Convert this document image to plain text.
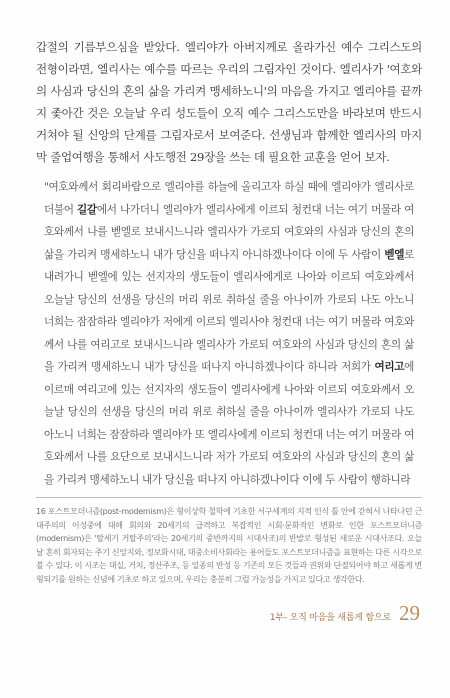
갑절의 기름부으심을 받았다. 엘리야가 아버지께로 올라가신 예수 그리스도의 전형이라면, 엘리사는 예수를 따르는 우리의 그림자인 것이다. 엘리사가 '여호와의 사심과 당신의 혼의 삶을 가리켜 맹세하노니'의 마음을 가지고 엘리야를 끝까지 좇아간 것은 오늘날 우리 성도들이 오직 예수 그리스도만을 바라보며 반드시 거쳐야 될 신앙의 단계를 그림자로서 보여준다. 선생님과 함께한 엘리사의 마지막 줄업여행을 통해서 사도행전 29장을 쓰는 데 필요한 교훈을 얻어 보자.

"여호와께서 회리바람으로 엘리야를 하늘에 올리고자 하실 때에 엘리야가 엘리사로 더불어 길갈에서 나가더니 엘리야가 엘리사에게 이르되 청컨대 너는 여기 머물라 여호와께서 나를 벧엘로 보내시느니라 엘리사가 가로되 여호와의 사심과 당신의 혼의 삶을 가리켜 맹세하노니 내가 당신을 떠나지 아니하겠나이다 이에 두 사람이 벧엘로 내려가니 벧엘에 있는 선지자의 생도들이 엘리사에게로 나아와 이르되 여호와께서 오늘날 당신의 선생을 당신의 머리 위로 취하실 줄을 아나이까 가로되 나도 아노니 너희는 잠잠하라 엘리야가 저에게 이르되 엘리사야 청컨대 너는 여기 머물라 여호와께서 나를 여리고로 보내시느니라 엘리사가 가로되 여호와의 사심과 당신의 혼의 삶을 가리켜 맹세하노니 내가 당신을 떠나지 아니하겠나이다 하니라 저희가 여리고에 이르매 여리고에 있는 선지자의 생도들이 엘리사에게 나아와 이르되 여호와께서 오늘날 당신의 선생을 당신의 머리 위로 취하실 줄을 아나이까 엘리사가 가로되 나도 아노니 너희는 잠잠하라 엘리야가 또 엘리사에게 이르되 청컨대 너는 여기 머물라 여호와께서 나를 요단으로 보내시느니라 저가 가로되 여호와의 사심과 당신의 혼의 삶을 가리켜 맹세하노니 내가 당신을 떠나지 아니하겠나이다 이에 두 사람이 행하니라

16 포스트모더니즘(post-modernism)은 형이상학 철학에 기초한 서구세계의 지적 인식 틀 안에 갇혀서 나타나던 근대주의의 이성중에 대해 회의와 20세기의 급격하고 복잡적인 시회·문화적인 변화로 인한 포스트모더니즘(modernism)은 '탈세기 거탈주의'라는 20세기의 중반까지의 시대사조)의 반발로 형성된 새로운 시대사조다. 오늘날 흔히 회자되는 주기 신앙지와, 정보화시대, 대중소비사회라는 용어들도 포스트모더니즘을 표현하는 다른 시각으로 볼 수 있다. 이 시조는 대실, 거치, 정산주조, 등 일종의 반성 등 기존의 모든 것들과 권위와 단절되어야 하고 새롭게 변형되기를 원하는 신념에 기초로 하고 있으며, 우리는 충분히 그럴 가능성을 가지고 있다고 생각한다.

1부- 오직 마음을 새롭게 함으로 29
